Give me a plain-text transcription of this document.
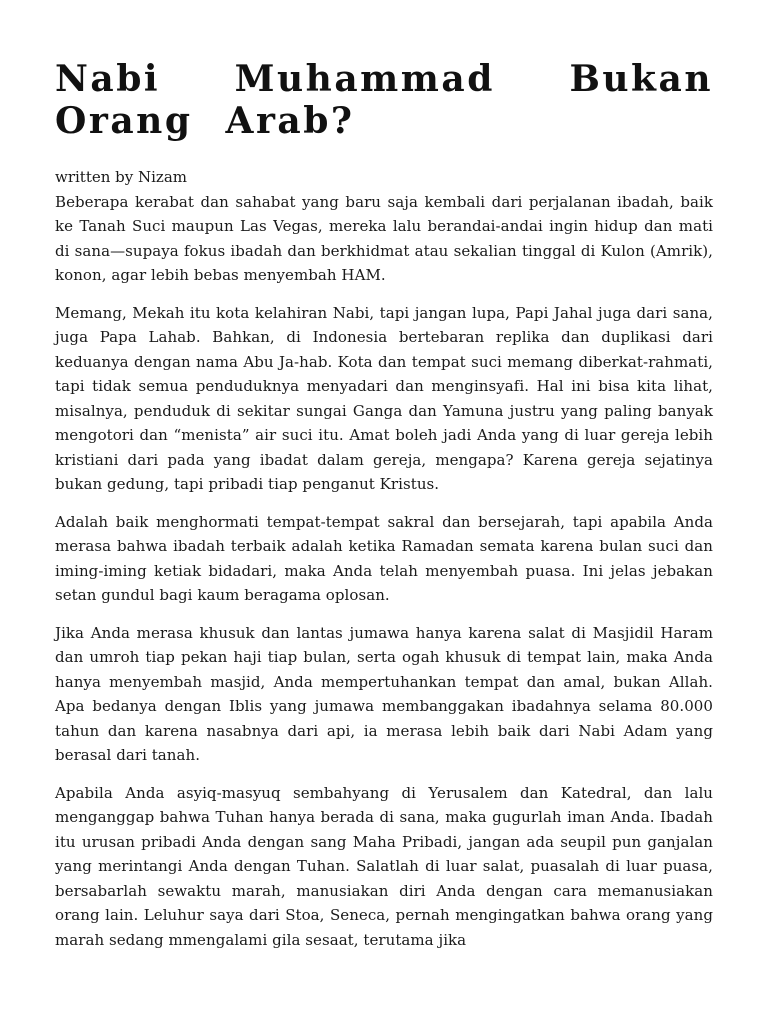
Nabi Muhammad Bukan Orang Arab?
written by Nizam

Beberapa kerabat dan sahabat yang baru saja kembali dari perjalanan ibadah, baik ke Tanah Suci maupun Las Vegas, mereka lalu berandai-andai ingin hidup dan mati di sana—supaya fokus ibadah dan berkhidmat atau sekalian tinggal di Kulon (Amrik), konon, agar lebih bebas menyembah HAM.

Memang, Mekah itu kota kelahiran Nabi, tapi jangan lupa, Papi Jahal juga dari sana, juga Papa Lahab. Bahkan, di Indonesia bertebaran replika dan duplikasi dari keduanya dengan nama Abu Ja-hab. Kota dan tempat suci memang diberkat-rahmati, tapi tidak semua penduduknya menyadari dan menginsyafi. Hal ini bisa kita lihat, misalnya, penduduk di sekitar sungai Ganga dan Yamuna justru yang paling banyak mengotori dan “menista” air suci itu. Amat boleh jadi Anda yang di luar gereja lebih kristiani dari pada yang ibadat dalam gereja, mengapa? Karena gereja sejatinya bukan gedung, tapi pribadi tiap penganut Kristus.

Adalah baik menghormati tempat-tempat sakral dan bersejarah, tapi apabila Anda merasa bahwa ibadah terbaik adalah ketika Ramadan semata karena bulan suci dan iming-iming ketiak bidadari, maka Anda telah menyembah puasa. Ini jelas jebakan setan gundul bagi kaum beragama oplosan.

Jika Anda merasa khusuk dan lantas jumawa hanya karena salat di Masjidil Haram dan umroh tiap pekan haji tiap bulan, serta ogah khusuk di tempat lain, maka Anda hanya menyembah masjid, Anda mempertuhankan tempat dan amal, bukan Allah. Apa bedanya dengan Iblis yang jumawa membanggakan ibadahnya selama 80.000 tahun dan karena nasabnya dari api, ia merasa lebih baik dari Nabi Adam yang berasal dari tanah.

Apabila Anda asyiq-masyuq sembahyang di Yerusalem dan Katedral, dan lalu menganggap bahwa Tuhan hanya berada di sana, maka gugurlah iman Anda. Ibadah itu urusan pribadi Anda dengan sang Maha Pribadi, jangan ada seupil pun ganjalan yang merintangi Anda dengan Tuhan. Salatlah di luar salat, puasalah di luar puasa, bersabarlah sewaktu marah, manusiakan diri Anda dengan cara memanusiakan orang lain. Leluhur saya dari Stoa, Seneca, pernah mengingatkan bahwa orang yang marah sedang mmengalami gila sesaat, terutama jika
